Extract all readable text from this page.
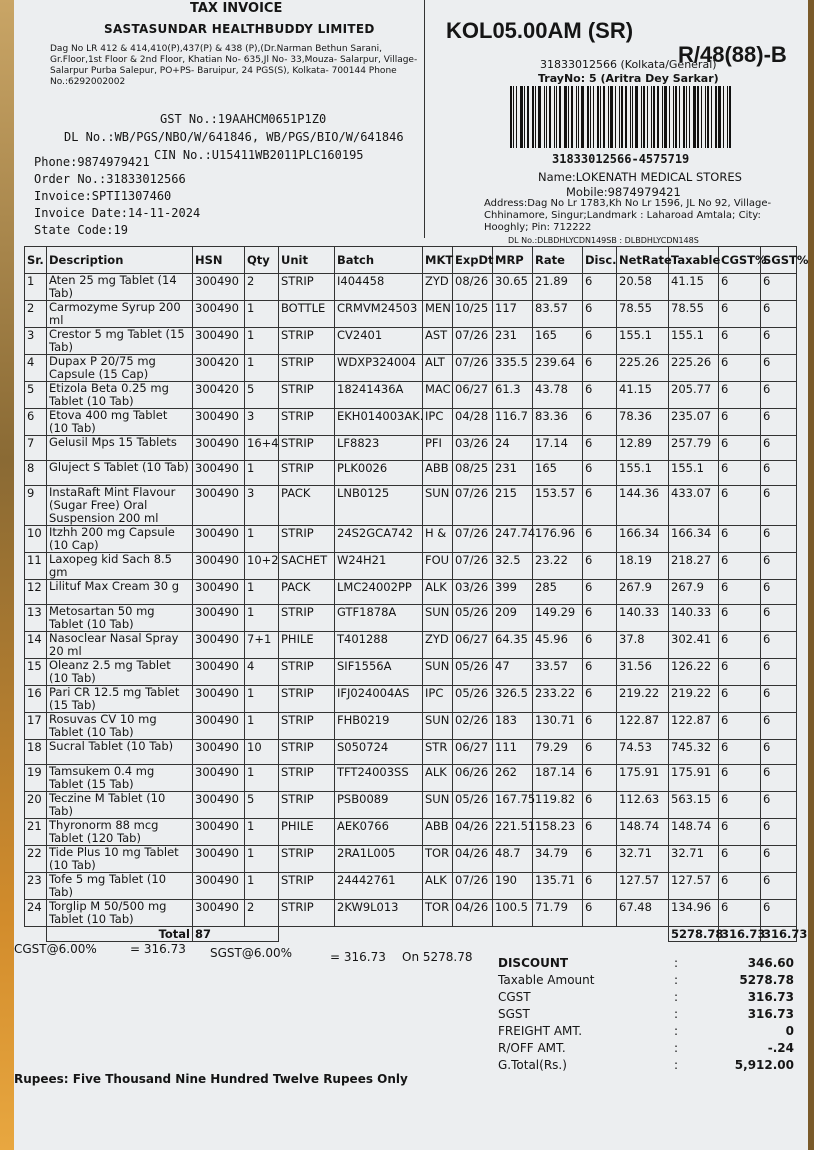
TAX INVOICE
SASTASUNDAR HEALTHBUDDY LIMITED
Dag No LR 412 & 414,410(P),437(P) & 438 (P),(Dr.Narman Bethun Sarani, Gr.Floor,1st Floor & 2nd Floor, Khatian No- 635,Jl No- 33,Mouza- Salarpur, Village- Salarpur Purba Salepur, PO+PS- Baruipur, 24 PGS(S), Kolkata- 700144 Phone No.:6292002002
GST No.:19AAHCM0651P1Z0
DL No.:WB/PGS/NBO/W/641846, WB/PGS/BIO/W/641846
CIN No.:U15411WB2011PLC160195
Phone:9874979421
Order No.:31833012566
Invoice:SPTI1307460
Invoice Date:14-11-2024
State Code:19
KOL05.00AM (SR)
R/48(88)-B
31833012566 (Kolkata/General)
TrayNo: 5 (Aritra Dey Sarkar)
31833012566-4575719
Name:LOKENATH MEDICAL STORES
Mobile:9874979421
Address:Dag No Lr 1783,Kh No Lr 1596, JL No 92, Village- Chhinamore, Singur;Landmark : Laharoad Amtala; City: Hooghly; Pin: 712222
DL No.:DLBDHLYCDN149SB : DLBDHLYCDN148S
Sr.	Description	HSN	Qty	Unit	Batch	MKT	ExpDt	MRP	Rate	Disc.	NetRate	Taxable	CGST%	SGST%
1	Aten 25 mg Tablet (14 Tab)	300490	2	STRIP	I404458	ZYD	08/26	30.65	21.89	6	20.58	41.15	6	6
2	Carmozyme Syrup 200 ml	300490	1	BOTTLE	CRMVM24503	MEN	10/25	117	83.57	6	78.55	78.55	6	6
3	Crestor 5 mg Tablet (15 Tab)	300490	1	STRIP	CV2401	AST	07/26	231	165	6	155.1	155.1	6	6
4	Dupax P 20/75 mg Capsule (15 Cap)	300420	1	STRIP	WDXP324004	ALT	07/26	335.5	239.64	6	225.26	225.26	6	6
5	Etizola Beta 0.25 mg Tablet (10 Tab)	300420	5	STRIP	18241436A	MAC	06/27	61.3	43.78	6	41.15	205.77	6	6
6	Etova 400 mg Tablet (10 Tab)	300490	3	STRIP	EKH014003AK.	IPC	04/28	116.7	83.36	6	78.36	235.07	6	6
7	Gelusil Mps 15 Tablets	300490	16+4	STRIP	LF8823	PFI	03/26	24	17.14	6	12.89	257.79	6	6
8	Gluject S Tablet (10 Tab)	300490	1	STRIP	PLK0026	ABB	08/25	231	165	6	155.1	155.1	6	6
9	InstaRaft Mint Flavour (Sugar Free) Oral Suspension 200 ml	300490	3	PACK	LNB0125	SUN	07/26	215	153.57	6	144.36	433.07	6	6
10	Itzhh 200 mg Capsule (10 Cap)	300490	1	STRIP	24S2GCA742	H &	07/26	247.74	176.96	6	166.34	166.34	6	6
11	Laxopeg kid Sach 8.5 gm	300490	10+2	SACHET	W24H21	FOU	07/26	32.5	23.22	6	18.19	218.27	6	6
12	Lilituf Max Cream 30 g	300490	1	PACK	LMC24002PP	ALK	03/26	399	285	6	267.9	267.9	6	6
13	Metosartan 50 mg Tablet (10 Tab)	300490	1	STRIP	GTF1878A	SUN	05/26	209	149.29	6	140.33	140.33	6	6
14	Nasoclear Nasal Spray 20 ml	300490	7+1	PHILE	T401288	ZYD	06/27	64.35	45.96	6	37.8	302.41	6	6
15	Oleanz 2.5 mg Tablet (10 Tab)	300490	4	STRIP	SIF1556A	SUN	05/26	47	33.57	6	31.56	126.22	6	6
16	Pari CR 12.5 mg Tablet (15 Tab)	300490	1	STRIP	IFJ024004AS	IPC	05/26	326.5	233.22	6	219.22	219.22	6	6
17	Rosuvas CV 10 mg Tablet (10 Tab)	300490	1	STRIP	FHB0219	SUN	02/26	183	130.71	6	122.87	122.87	6	6
18	Sucral Tablet (10 Tab)	300490	10	STRIP	S050724	STR	06/27	111	79.29	6	74.53	745.32	6	6
19	Tamsukem 0.4 mg Tablet (15 Tab)	300490	1	STRIP	TFT24003SS	ALK	06/26	262	187.14	6	175.91	175.91	6	6
20	Teczine M Tablet (10 Tab)	300490	5	STRIP	PSB0089	SUN	05/26	167.75	119.82	6	112.63	563.15	6	6
21	Thyronorm 88 mcg Tablet (120 Tab)	300490	1	PHILE	AEK0766	ABB	04/26	221.51	158.23	6	148.74	148.74	6	6
22	Tide Plus 10 mg Tablet (10 Tab)	300490	1	STRIP	2RA1L005	TOR	04/26	48.7	34.79	6	32.71	32.71	6	6
23	Tofe 5 mg Tablet (10 Tab)	300490	1	STRIP	24442761	ALK	07/26	190	135.71	6	127.57	127.57	6	6
24	Torglip M 50/500 mg Tablet (10 Tab)	300490	2	STRIP	2KW9L013	TOR	04/26	100.5	71.79	6	67.48	134.96	6	6
	Total	87										5278.78	316.73	316.73
CGST@6.00%	= 316.73 SGST@6.00%	= 316.73 On 5278.78 DISCOUNT	:	346.60
Taxable Amount	:	5278.78
CGST	:	316.73
SGST	:	316.73
FREIGHT AMT.	:	0
R/OFF AMT.	:	-.24
G.Total(Rs.)	:	5,912.00
Rupees: Five Thousand Nine Hundred Twelve Rupees Only
